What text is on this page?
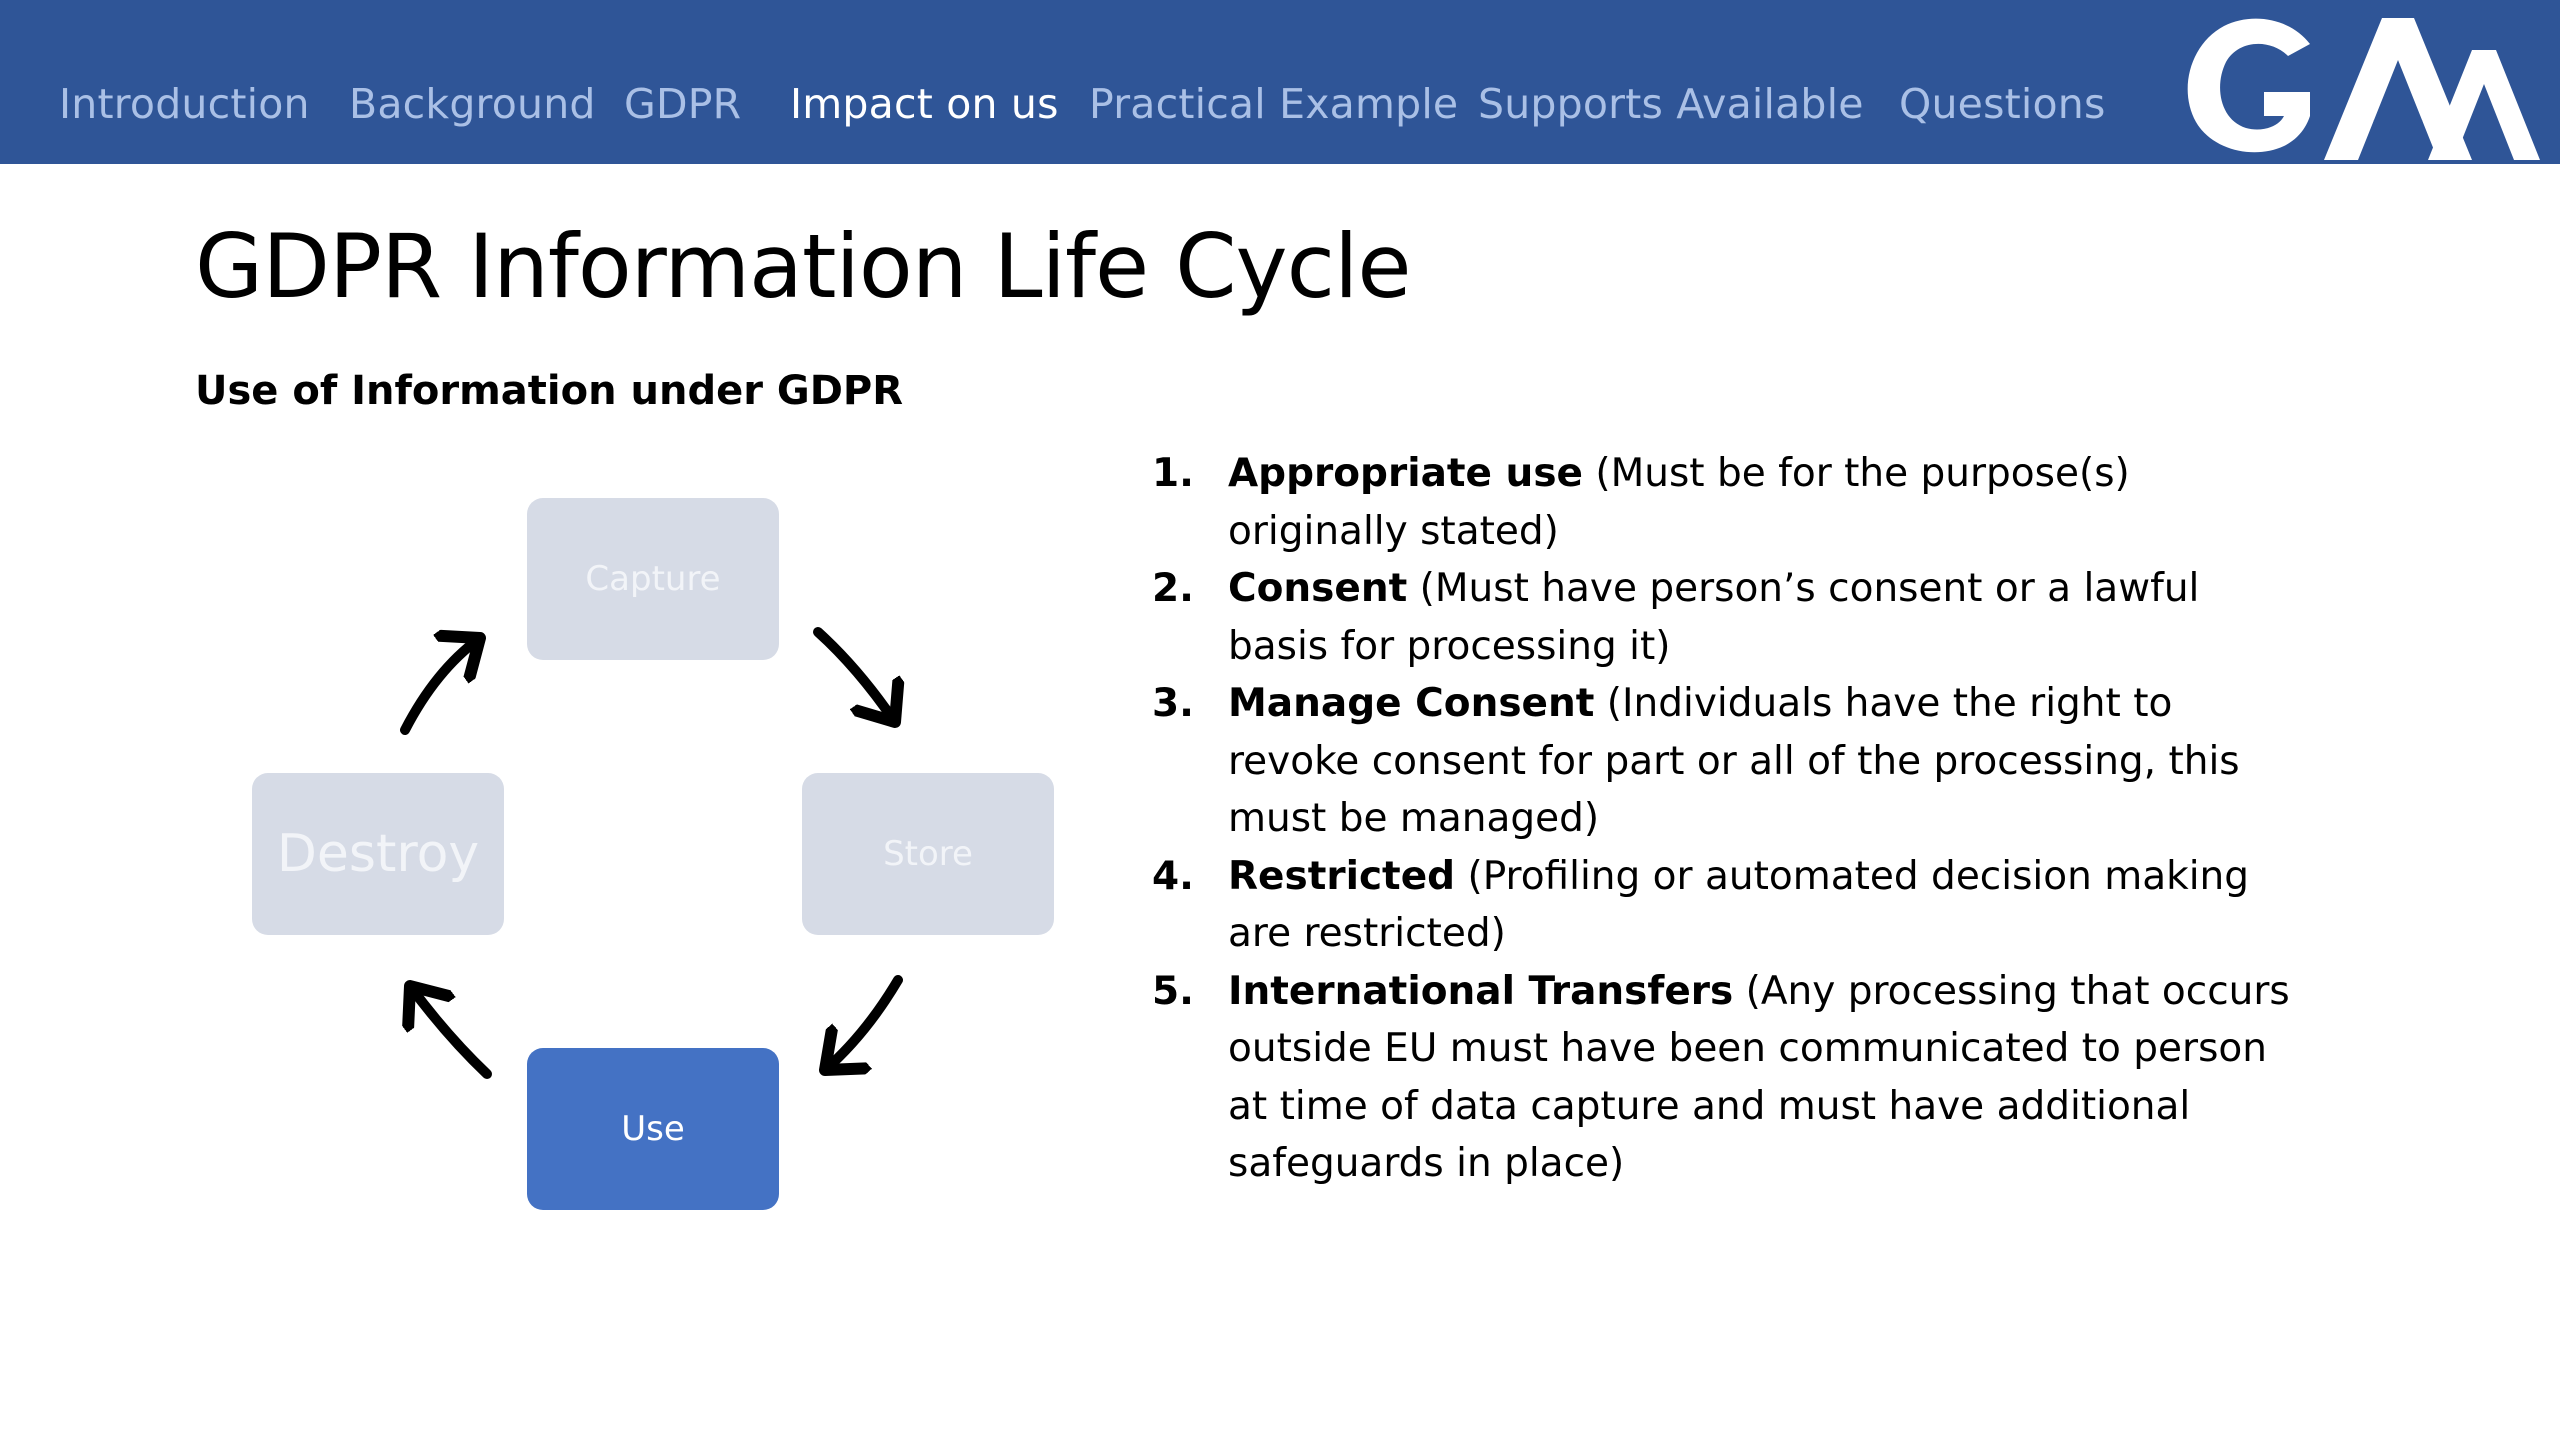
Introduction Background GDPR Impact on us Practical Example Supports Available Questions
GDPR Information Life Cycle
Use of Information under GDPR
Capture
Store
Use
Destroy
1. Appropriate use (Must be for the purpose(s) originally stated)
2. Consent (Must have person’s consent or a lawful basis for processing it)
3. Manage Consent (Individuals have the right to revoke consent for part or all of the processing, this must be managed)
4. Restricted (Profiling or automated decision making are restricted)
5. International Transfers (Any processing that occurs outside EU must have been communicated to person at time of data capture and must have additional safeguards in place)
